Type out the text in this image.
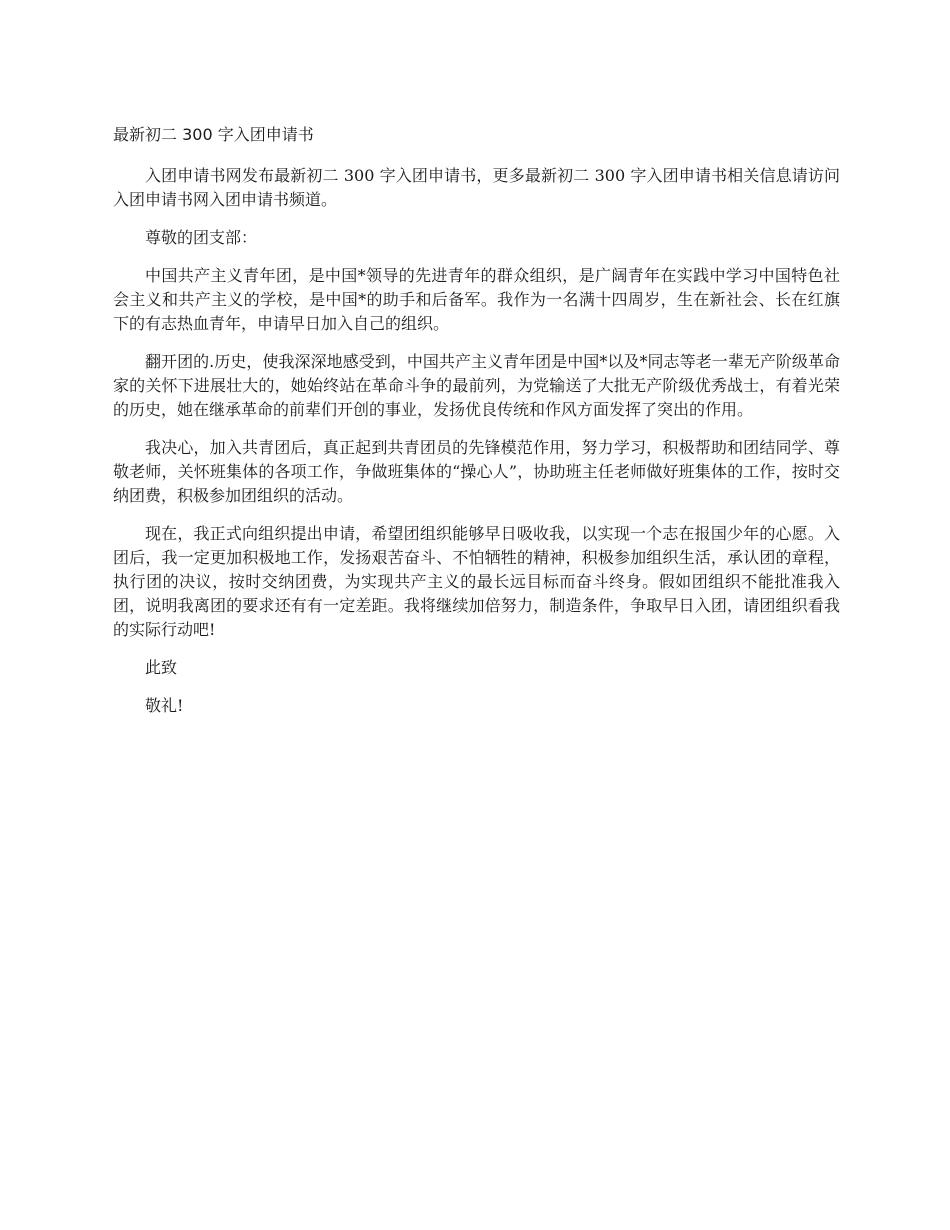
最新初二 300 字入团申请书

入团申请书网发布最新初二 300 字入团申请书，更多最新初二 300 字入团申请书相关信息请访问入团申请书网入团申请书频道。

尊敬的团支部：

中国共产主义青年团，是中国*领导的先进青年的群众组织，是广阔青年在实践中学习中国特色社会主义和共产主义的学校，是中国*的助手和后备军。我作为一名满十四周岁，生在新社会、长在红旗下的有志热血青年，申请早日加入自己的组织。

翻开团的.历史，使我深深地感受到，中国共产主义青年团是中国*以及*同志等老一辈无产阶级革命家的关怀下进展壮大的，她始终站在革命斗争的最前列，为党输送了大批无产阶级优秀战士，有着光荣的历史，她在继承革命的前辈们开创的事业，发扬优良传统和作风方面发挥了突出的作用。

我决心，加入共青团后，真正起到共青团员的先锋模范作用，努力学习，积极帮助和团结同学、尊敬老师，关怀班集体的各项工作，争做班集体的“操心人”，协助班主任老师做好班集体的工作，按时交纳团费，积极参加团组织的活动。

现在，我正式向组织提出申请，希望团组织能够早日吸收我，以实现一个志在报国少年的心愿。入团后，我一定更加积极地工作，发扬艰苦奋斗、不怕牺牲的精神，积极参加组织生活，承认团的章程，执行团的决议，按时交纳团费，为实现共产主义的最长远目标而奋斗终身。假如团组织不能批准我入团，说明我离团的要求还有有一定差距。我将继续加倍努力，制造条件，争取早日入团，请团组织看我的实际行动吧!

此致

敬礼!
